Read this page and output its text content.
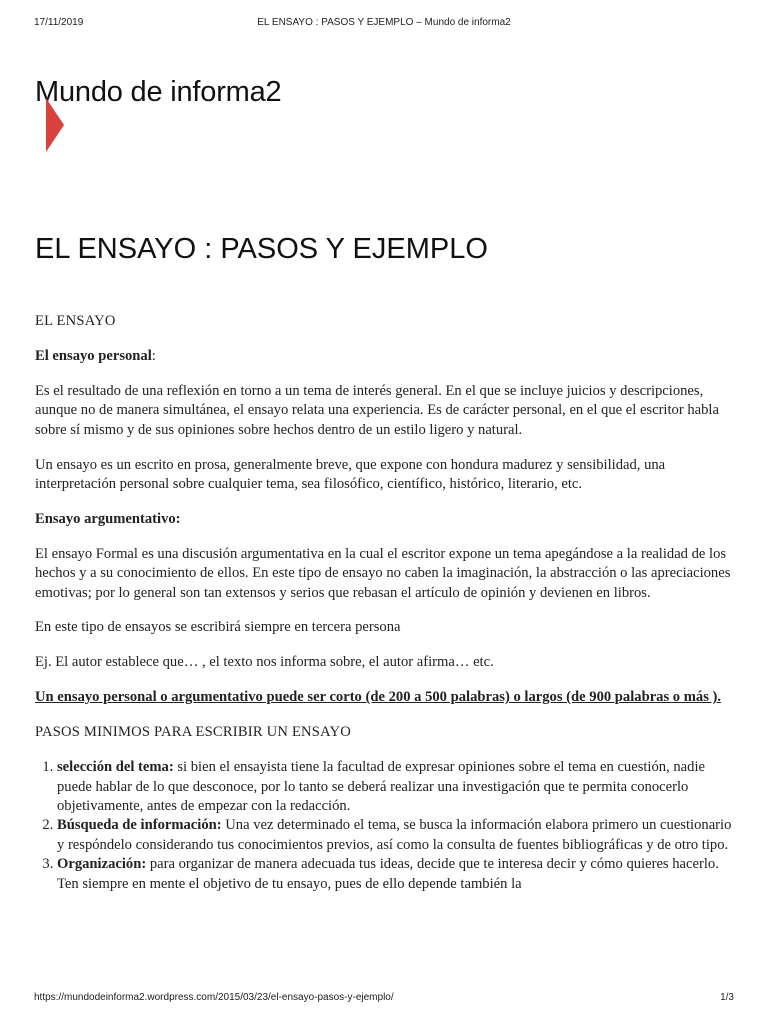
17/11/2019	EL ENSAYO : PASOS Y EJEMPLO – Mundo de informa2
Mundo de informa2
EL ENSAYO : PASOS Y EJEMPLO

EL ENSAYO

El ensayo personal:

Es el resultado de una reflexión en torno a un tema de interés general. En el que se incluye juicios y descripciones, aunque no de manera simultánea, el ensayo relata una experiencia. Es de carácter personal, en el que el escritor habla sobre sí mismo y de sus opiniones sobre hechos dentro de un estilo ligero y natural.

Un ensayo es un escrito en prosa, generalmente breve, que expone con hondura madurez y sensibilidad, una interpretación personal sobre cualquier tema, sea filosófico, científico, histórico, literario, etc.

Ensayo argumentativo:

El ensayo Formal es una discusión argumentativa en la cual el escritor expone un tema apegándose a la realidad de los hechos y a su conocimiento de ellos. En este tipo de ensayo no caben la imaginación, la abstracción o las apreciaciones emotivas; por lo general son tan extensos y serios que rebasan el artículo de opinión y devienen en libros.

En este tipo de ensayos se escribirá siempre en tercera persona

Ej. El autor establece que… , el texto nos informa sobre, el autor afirma… etc.

Un ensayo personal o argumentativo puede ser corto (de 200 a 500 palabras) o largos (de 900 palabras o más ).

PASOS MINIMOS PARA ESCRIBIR UN ENSAYO

1. selección del tema: si bien el ensayista tiene la facultad de expresar opiniones sobre el tema en cuestión, nadie puede hablar de lo que desconoce, por lo tanto se deberá realizar una investigación que te permita conocerlo objetivamente, antes de empezar con la redacción.
2. Búsqueda de información: Una vez determinado el tema, se busca la información elabora primero un cuestionario y respóndelo considerando tus conocimientos previos, así como la consulta de fuentes bibliográficas y de otro tipo.
3. Organización: para organizar de manera adecuada tus ideas, decide que te interesa decir y cómo quieres hacerlo. Ten siempre en mente el objetivo de tu ensayo, pues de ello depende también la
https://mundodeinforma2.wordpress.com/2015/03/23/el-ensayo-pasos-y-ejemplo/	1/3
